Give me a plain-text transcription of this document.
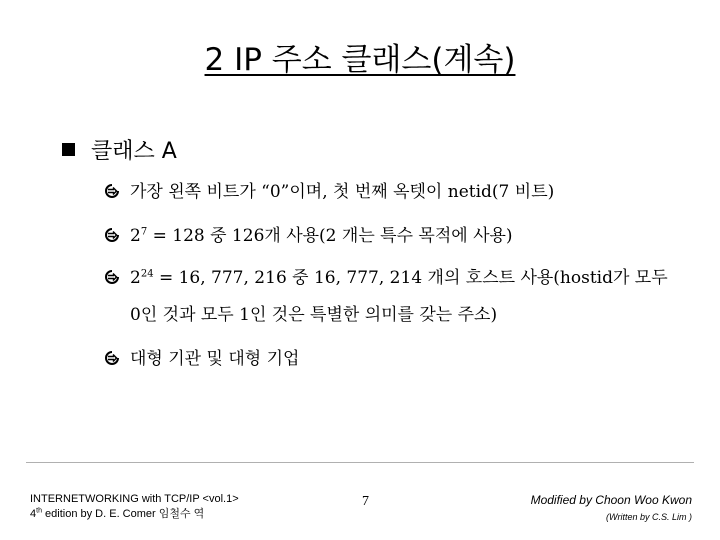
2 IP 주소 클래스(계속)
클래스 A
가장 왼쪽 비트가 “0”이며, 첫 번째 옥텟이 netid(7 비트)
$2^7 = 128$ 중 126개 사용(2 개는 특수 목적에 사용)
$2^{24} = 16$, 777, 216 중 16, 777, 214 개의 호스트 사용(hostid가 모두
0인 것과 모두 1인 것은 특별한 의미를 갖는 주소)
대형 기관 및 대형 기업
INTERNETWORKING with TCP/IP <vol.1>
4th edition by D. E. Comer 임철수 역
7	Modified by Choon Woo Kwon
(Written by C.S. Lim )
